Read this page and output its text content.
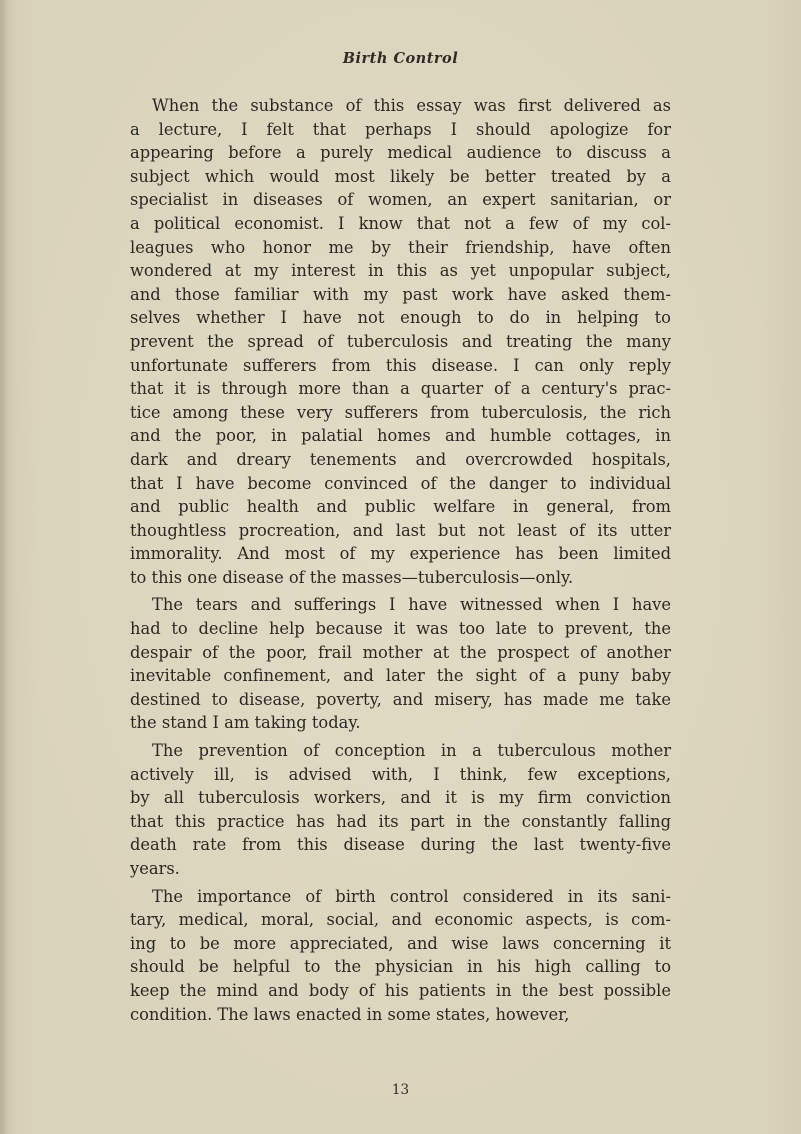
Birth Control

When the substance of this essay was first delivered as
a lecture, I felt that perhaps I should apologize for
appearing before a purely medical audience to discuss a
subject which would most likely be better treated by a
specialist in diseases of women, an expert sanitarian, or
a political economist. I know that not a few of my col-
leagues who honor me by their friendship, have often
wondered at my interest in this as yet unpopular subject,
and those familiar with my past work have asked them-
selves whether I have not enough to do in helping to
prevent the spread of tuberculosis and treating the many
unfortunate sufferers from this disease. I can only reply
that it is through more than a quarter of a century's prac-
tice among these very sufferers from tuberculosis, the rich
and the poor, in palatial homes and humble cottages, in
dark and dreary tenements and overcrowded hospitals,
that I have become convinced of the danger to individual
and public health and public welfare in general, from
thoughtless procreation, and last but not least of its utter
immorality. And most of my experience has been limited
to this one disease of the masses—tuberculosis—only.

The tears and sufferings I have witnessed when I have
had to decline help because it was too late to prevent, the
despair of the poor, frail mother at the prospect of another
inevitable confinement, and later the sight of a puny baby
destined to disease, poverty, and misery, has made me take
the stand I am taking today.

The prevention of conception in a tuberculous mother
actively ill, is advised with, I think, few exceptions,
by all tuberculosis workers, and it is my firm conviction
that this practice has had its part in the constantly falling
death rate from this disease during the last twenty-five
years.

The importance of birth control considered in its sani-
tary, medical, moral, social, and economic aspects, is com-
ing to be more appreciated, and wise laws concerning it
should be helpful to the physician in his high calling to
keep the mind and body of his patients in the best possible
condition. The laws enacted in some states, however,

13
